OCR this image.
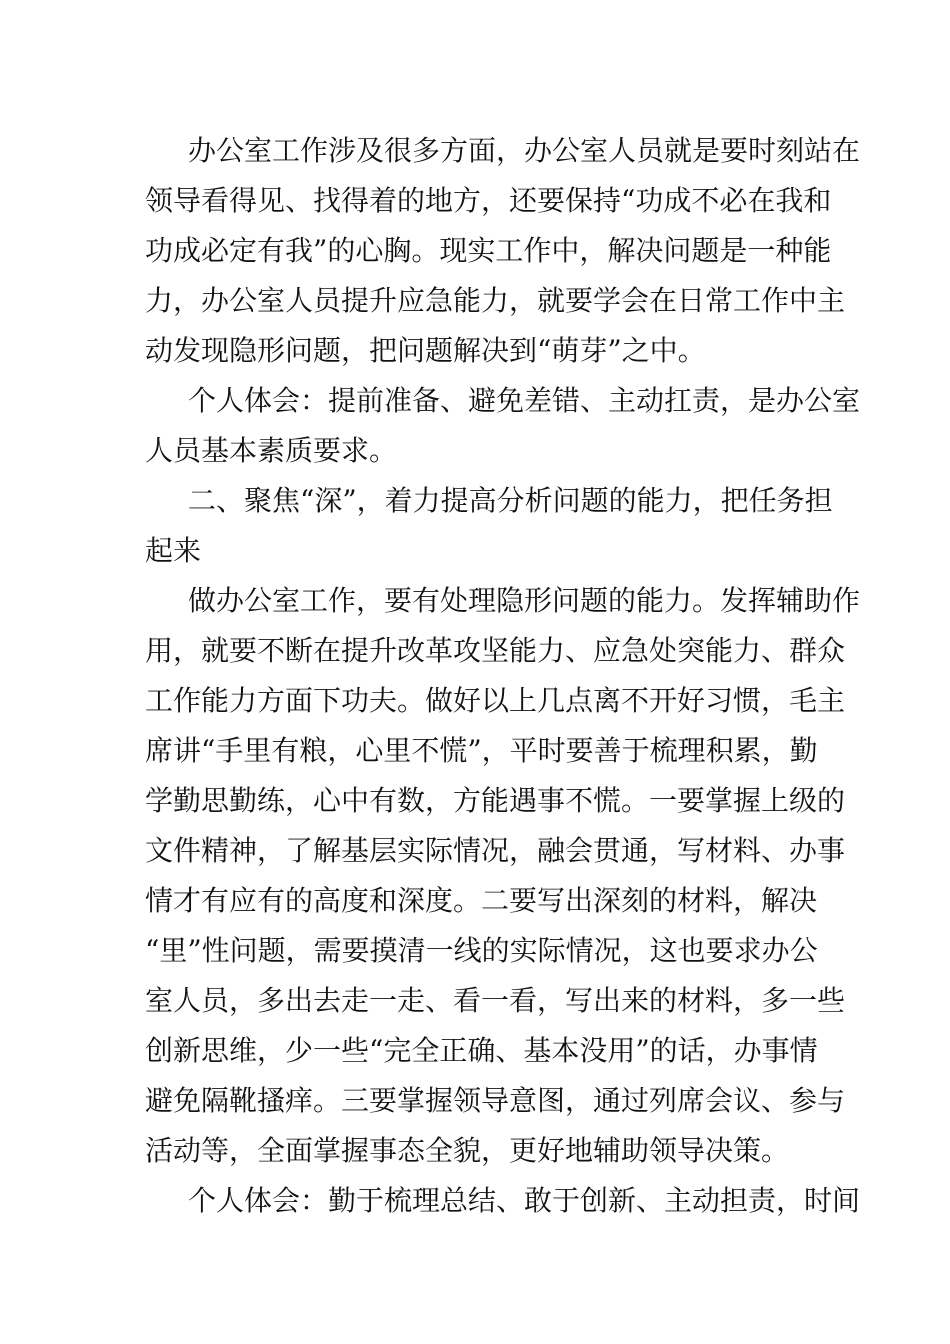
办公室工作涉及很多方面，办公室人员就是要时刻站在
领导看得见、找得着的地方，还要保持“功成不必在我和
功成必定有我”的心胸。现实工作中，解决问题是一种能
力，办公室人员提升应急能力，就要学会在日常工作中主
动发现隐形问题，把问题解决到“萌芽”之中。
个人体会：提前准备、避免差错、主动扛责，是办公室
人员基本素质要求。
二、聚焦“深”，着力提高分析问题的能力，把任务担
起来
做办公室工作，要有处理隐形问题的能力。发挥辅助作
用，就要不断在提升改革攻坚能力、应急处突能力、群众
工作能力方面下功夫。做好以上几点离不开好习惯，毛主
席讲“手里有粮，心里不慌”，平时要善于梳理积累，勤
学勤思勤练，心中有数，方能遇事不慌。一要掌握上级的
文件精神，了解基层实际情况，融会贯通，写材料、办事
情才有应有的高度和深度。二要写出深刻的材料，解决
“里”性问题，需要摸清一线的实际情况，这也要求办公
室人员，多出去走一走、看一看，写出来的材料，多一些
创新思维，少一些“完全正确、基本没用”的话，办事情
避免隔靴搔痒。三要掌握领导意图，通过列席会议、参与
活动等，全面掌握事态全貌，更好地辅助领导决策。
个人体会：勤于梳理总结、敢于创新、主动担责，时间
